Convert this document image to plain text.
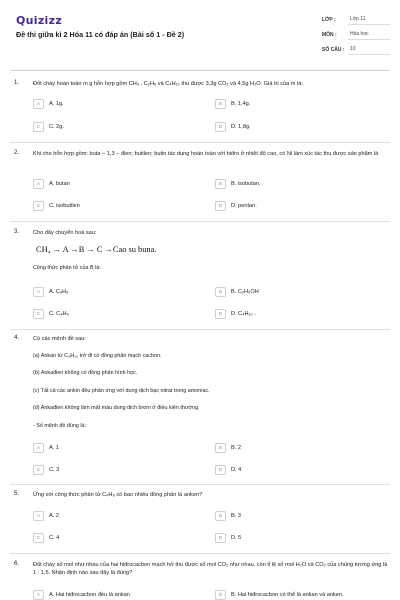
Quizizz
Đề thi giữa kì 2 Hóa 11 có đáp án (Bài số 1 - Đề 2)
LỚP :	Lớp 11
MÔN :	Hóa học
SỐ CÂU :	10
1. Đốt cháy hoàn toàn m g hỗn hợp gồm CH₄ , C₂H₆ và C₄H₁₀ thu được 3,3g CO₂ và 4,5g H₂O. Giá trị của m là:
A	A. 1g.	B	B. 1,4g.
C	C. 2g.	D	D. 1,8g.
2. Khi cho hỗn hợp gồm: buta − 1,3 − đien; butilen; butin tác dụng hoàn toàn với hiđro ở nhiệt độ cao, có Ni làm xúc tác thu được sản phẩm là
A	A. butan	B	B. isobutan.
C	C. isobutilen	D	D. pentan.
3. Cho dãy chuyển hoá sau:
CH₄ → A →B → C →Cao su buna.
Công thức phân tử của B là:
A	A. C₄H₆	B	B. C₂H₅OH
C	C. C₄H₄	D	D. C₄H₁₀ .
4. Có các mệnh đề sau:
(a) Ankan từ C₄H₁₀ trở đi có đồng phân mạch cacbon.
(b) Ankađien không có đồng phân hình học.
(c) Tất cả các ankin đều phản ứng với dung dịch bạc nitrat trong amoniac.
(d) Ankađien không làm mất màu dung dịch brom ở điều kiện thường.
- Số mệnh đề đúng là:
A	A. 1	B	B. 2
C	C. 3	D	D. 4
5. Ứng với công thức phân tử C₄H₈ có bao nhiêu đồng phân là anken?
A	A. 2	B	B. 3
C	C. 4	D	D. 5
6. Đốt cháy số mol như nhau của hai hiđrocacbon mạch hở thu được số mol CO₂ như nhau, còn tỉ lệ số mol H₂O và CO₂ của chúng tương ứng là 1 : 1,5. Nhận định nào sau đây là đúng?
A	A. Hai hiđrocacbon đều là ankan	B	B. Hai hiđrocacbon có thể là ankan và anken.
